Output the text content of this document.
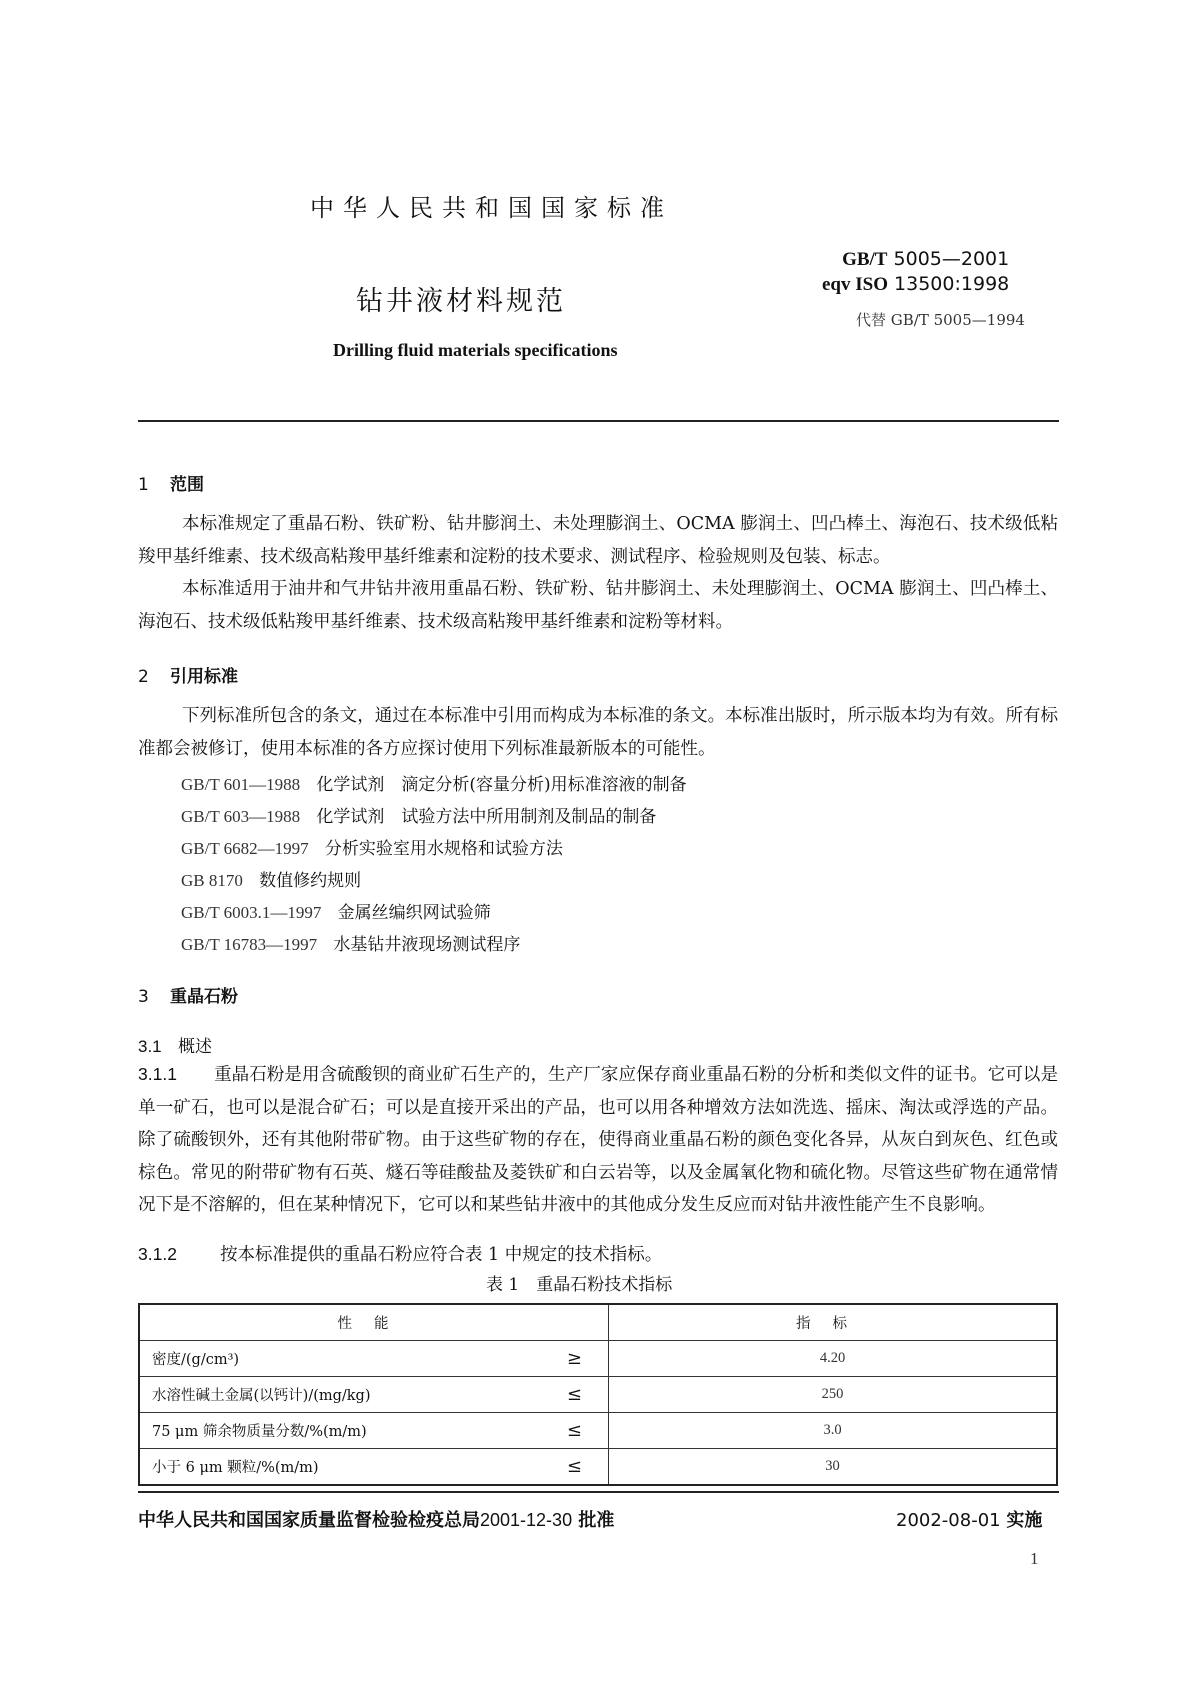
中华人民共和国国家标准
钻井液材料规范
Drilling fluid materials specifications
GB/T 5005—2001
eqv ISO 13500:1998
代替 GB/T 5005—1994
1 范围
本标准规定了重晶石粉、铁矿粉、钻井膨润土、未处理膨润土、OCMA 膨润土、凹凸棒土、海泡石、技术级低粘羧甲基纤维素、技术级高粘羧甲基纤维素和淀粉的技术要求、测试程序、检验规则及包装、标志。
本标准适用于油井和气井钻井液用重晶石粉、铁矿粉、钻井膨润土、未处理膨润土、OCMA 膨润土、凹凸棒土、海泡石、技术级低粘羧甲基纤维素、技术级高粘羧甲基纤维素和淀粉等材料。
2 引用标准
下列标准所包含的条文，通过在本标准中引用而构成为本标准的条文。本标准出版时，所示版本均为有效。所有标准都会被修订，使用本标准的各方应探讨使用下列标准最新版本的可能性。
GB/T 601—1988 化学试剂　滴定分析(容量分析)用标准溶液的制备
GB/T 603—1988 化学试剂　试验方法中所用制剂及制品的制备
GB/T 6682—1997 分析实验室用水规格和试验方法
GB 8170 数值修约规则
GB/T 6003.1—1997 金属丝编织网试验筛
GB/T 16783—1997 水基钻井液现场测试程序
3 重晶石粉
3.1 概述
3.1.1 重晶石粉是用含硫酸钡的商业矿石生产的，生产厂家应保存商业重晶石粉的分析和类似文件的证书。它可以是单一矿石，也可以是混合矿石；可以是直接开采出的产品，也可以用各种增效方法如洗选、摇床、淘汰或浮选的产品。除了硫酸钡外，还有其他附带矿物。由于这些矿物的存在，使得商业重晶石粉的颜色变化各异，从灰白到灰色、红色或棕色。常见的附带矿物有石英、燧石等硅酸盐及菱铁矿和白云岩等，以及金属氧化物和硫化物。尽管这些矿物在通常情况下是不溶解的，但在某种情况下，它可以和某些钻井液中的其他成分发生反应而对钻井液性能产生不良影响。
3.1.2 按本标准提供的重晶石粉应符合表 1 中规定的技术指标。
表 1　重晶石粉技术指标
性能	指标
密度/(g/cm³) ≥	4.20
水溶性碱土金属(以钙计)/(mg/kg) ≤	250
75 μm 筛余物质量分数/%(m/m) ≤	3.0
小于 6 μm 颗粒/%(m/m) ≤	30
中华人民共和国国家质量监督检验检疫总局2001-12-30 批准	2002-08-01 实施
1
